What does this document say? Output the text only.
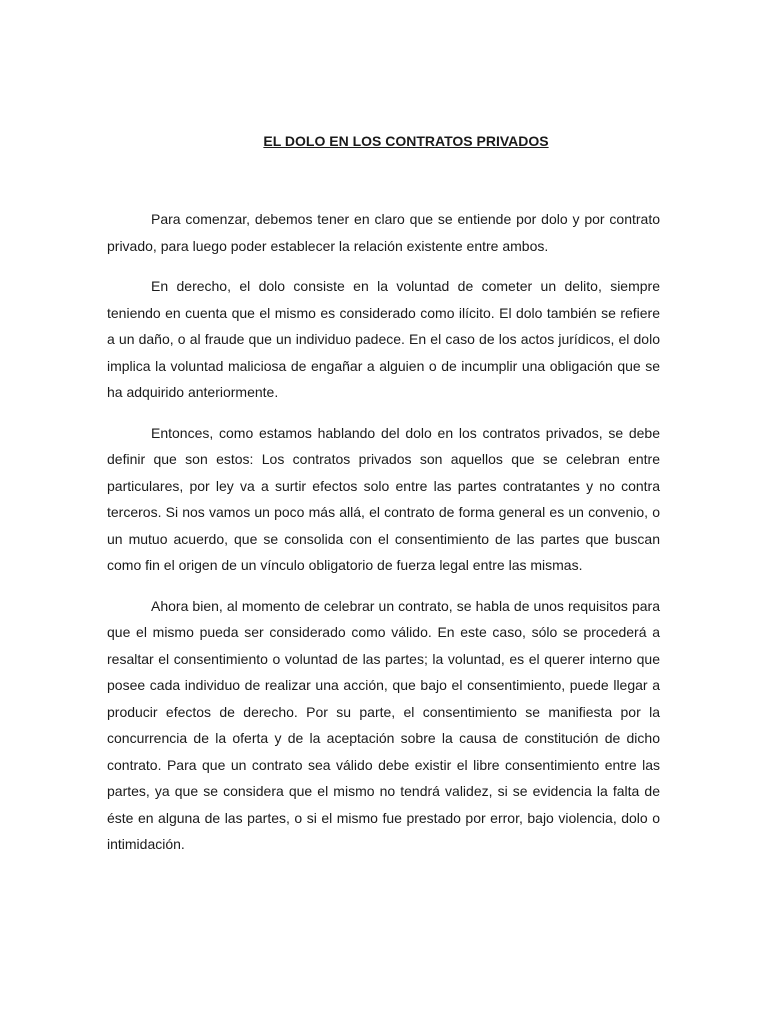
EL DOLO EN LOS CONTRATOS PRIVADOS

Para comenzar, debemos tener en claro que se entiende por dolo y por contrato privado, para luego poder establecer la relación existente entre ambos.

En derecho, el dolo consiste en la voluntad de cometer un delito, siempre teniendo en cuenta que el mismo es considerado como ilícito. El dolo también se refiere a un daño, o al fraude que un individuo padece. En el caso de los actos jurídicos, el dolo implica la voluntad maliciosa de engañar a alguien o de incumplir una obligación que se ha adquirido anteriormente.

Entonces, como estamos hablando del dolo en los contratos privados, se debe definir que son estos: Los contratos privados son aquellos que se celebran entre particulares, por ley va a surtir efectos solo entre las partes contratantes y no contra terceros. Si nos vamos un poco más allá, el contrato de forma general es un convenio, o un mutuo acuerdo, que se consolida con el consentimiento de las partes que buscan como fin el origen de un vínculo obligatorio de fuerza legal entre las mismas.

Ahora bien, al momento de celebrar un contrato, se habla de unos requisitos para que el mismo pueda ser considerado como válido. En este caso, sólo se procederá a resaltar el consentimiento o voluntad de las partes; la voluntad, es el querer interno que posee cada individuo de realizar una acción, que bajo el consentimiento, puede llegar a producir efectos de derecho. Por su parte, el consentimiento se manifiesta por la concurrencia de la oferta y de la aceptación sobre la causa de constitución de dicho contrato. Para que un contrato sea válido debe existir el libre consentimiento entre las partes, ya que se considera que el mismo no tendrá validez, si se evidencia la falta de éste en alguna de las partes, o si el mismo fue prestado por error, bajo violencia, dolo o intimidación.
